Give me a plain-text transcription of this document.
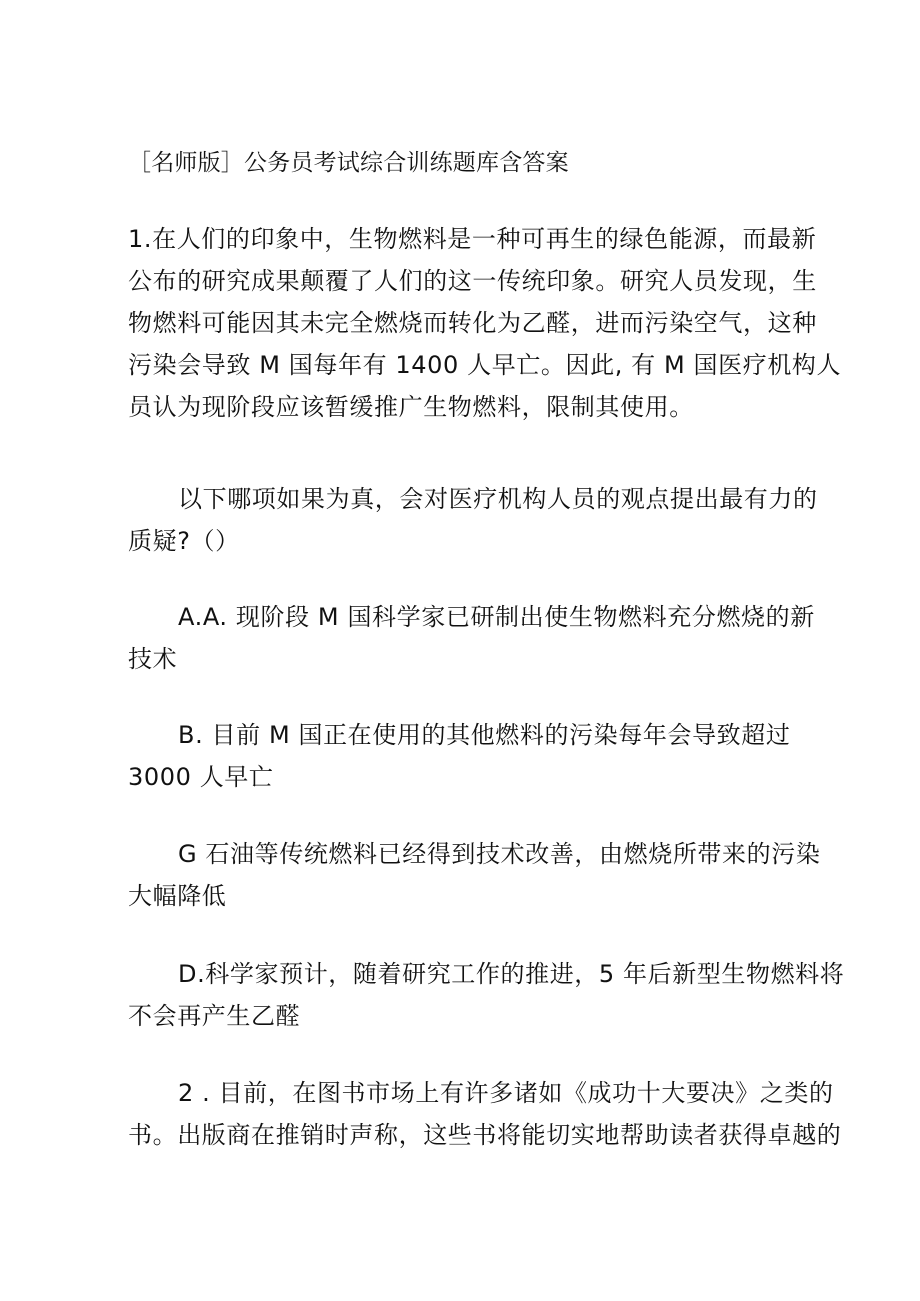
［名师版］公务员考试综合训练题库含答案
1.在人们的印象中，生物燃料是一种可再生的绿色能源，而最新
公布的研究成果颠覆了人们的这一传统印象。研究人员发现，生
物燃料可能因其未完全燃烧而转化为乙醛，进而污染空气，这种
污染会导致 M 国每年有 1400 人早亡。因此, 有 M 国医疗机构人
员认为现阶段应该暂缓推广生物燃料，限制其使用。
以下哪项如果为真，会对医疗机构人员的观点提出最有力的
质疑?（）
A.A. 现阶段 M 国科学家已研制出使生物燃料充分燃烧的新
技术
B. 目前 M 国正在使用的其他燃料的污染每年会导致超过
3000 人早亡
G 石油等传统燃料已经得到技术改善，由燃烧所带来的污染
大幅降低
D.科学家预计，随着研究工作的推进，5 年后新型生物燃料将
不会再产生乙醛
2 . 目前，在图书市场上有许多诸如《成功十大要决》之类的
书。出版商在推销时声称，这些书将能切实地帮助读者获得卓越的
